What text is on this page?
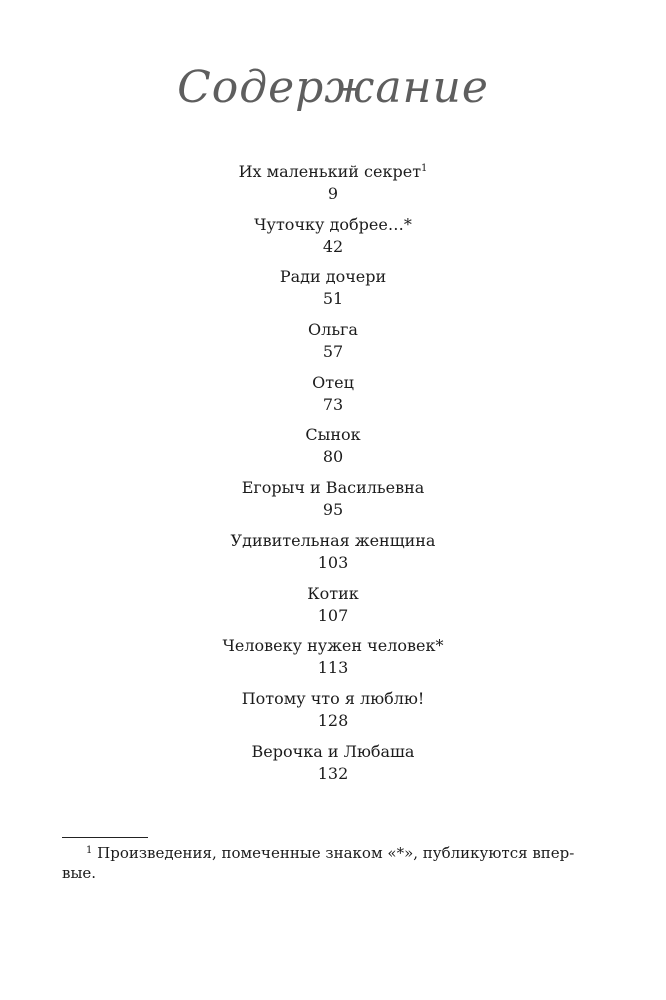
Содержание
Их маленький секрет$^1$
9
Чуточку добрее…*
42
Ради дочери
51
Ольга
57
Отец
73
Сынок
80
Егорыч и Васильевна
95
Удивительная женщина
103
Котик
107
Человеку нужен человек*
113
Потому что я люблю!
128
Верочка и Любаша
132
$^1$ Произведения, помеченные знаком «*», публикуются впер-
вые.
